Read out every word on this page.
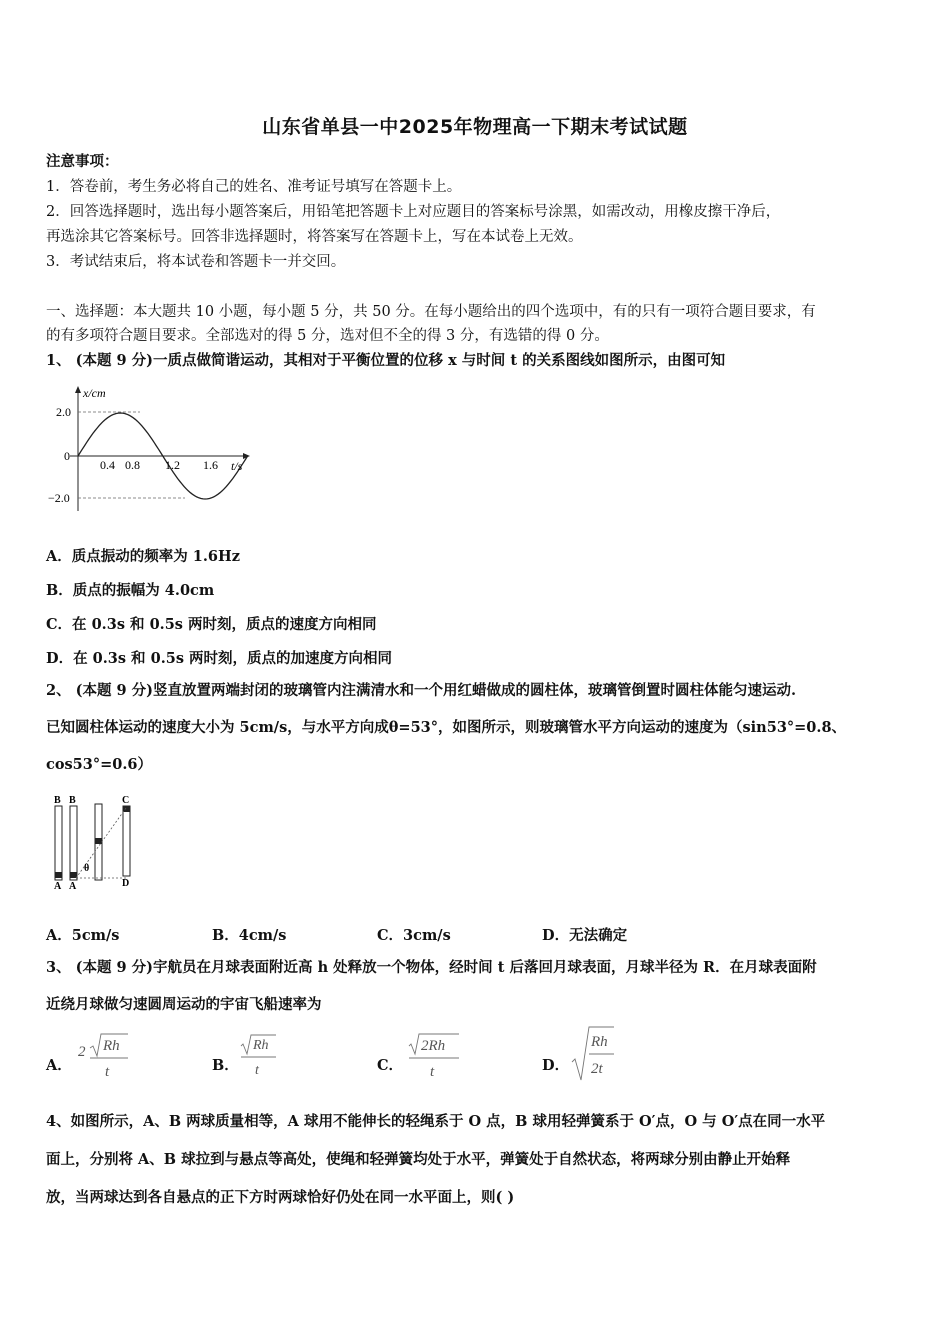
山东省单县一中2025年物理高一下期末考试试题
注意事项：
1．答卷前，考生务必将自己的姓名、准考证号填写在答题卡上。
2．回答选择题时，选出每小题答案后，用铅笔把答题卡上对应题目的答案标号涂黑，如需改动，用橡皮擦干净后，
再选涂其它答案标号。回答非选择题时，将答案写在答题卡上，写在本试卷上无效。
3．考试结束后，将本试卷和答题卡一并交回。
一、选择题：本大题共 10 小题，每小题 5 分，共 50 分。在每小题给出的四个选项中，有的只有一项符合题目要求，有
的有多项符合题目要求。全部选对的得 5 分，选对但不全的得 3 分，有选错的得 0 分。
1、 (本题 9 分)一质点做简谐运动，其相对于平衡位置的位移 x 与时间 t 的关系图线如图所示，由图可知
x/cm
2.0
0
−2.0
0.4 0.8 1.2 1.6 t/s
A．质点振动的频率为 1.6Hz
B．质点的振幅为 4.0cm
C．在 0.3s 和 0.5s 两时刻，质点的速度方向相同
D．在 0.3s 和 0.5s 两时刻，质点的加速度方向相同
2、 (本题 9 分)竖直放置两端封闭的玻璃管内注满清水和一个用红蜡做成的圆柱体，玻璃管倒置时圆柱体能匀速运动.
已知圆柱体运动的速度大小为 5cm/s，与水平方向成θ=53°，如图所示，则玻璃管水平方向运动的速度为（sin53°=0.8、
cos53°=0.6）
B B	C
A A	D
θ
A．5cm/s	B．4cm/s	C．3cm/s	D．无法确定
3、 (本题 9 分)宇航员在月球表面附近高 h 处释放一个物体，经时间 t 后落回月球表面，月球半径为 R．在月球表面附
近绕月球做匀速圆周运动的宇宙飞船速率为
A．
2 Rh
t	B．
Rh
t	C．
2Rh
t	D．
Rh
2t
4、如图所示，A、B 两球质量相等，A 球用不能伸长的轻绳系于 O 点，B 球用轻弹簧系于 O′点，O 与 O′点在同一水平
面上，分别将 A、B 球拉到与悬点等高处，使绳和轻弹簧均处于水平，弹簧处于自然状态，将两球分别由静止开始释
放，当两球达到各自悬点的正下方时两球恰好仍处在同一水平面上，则( )
